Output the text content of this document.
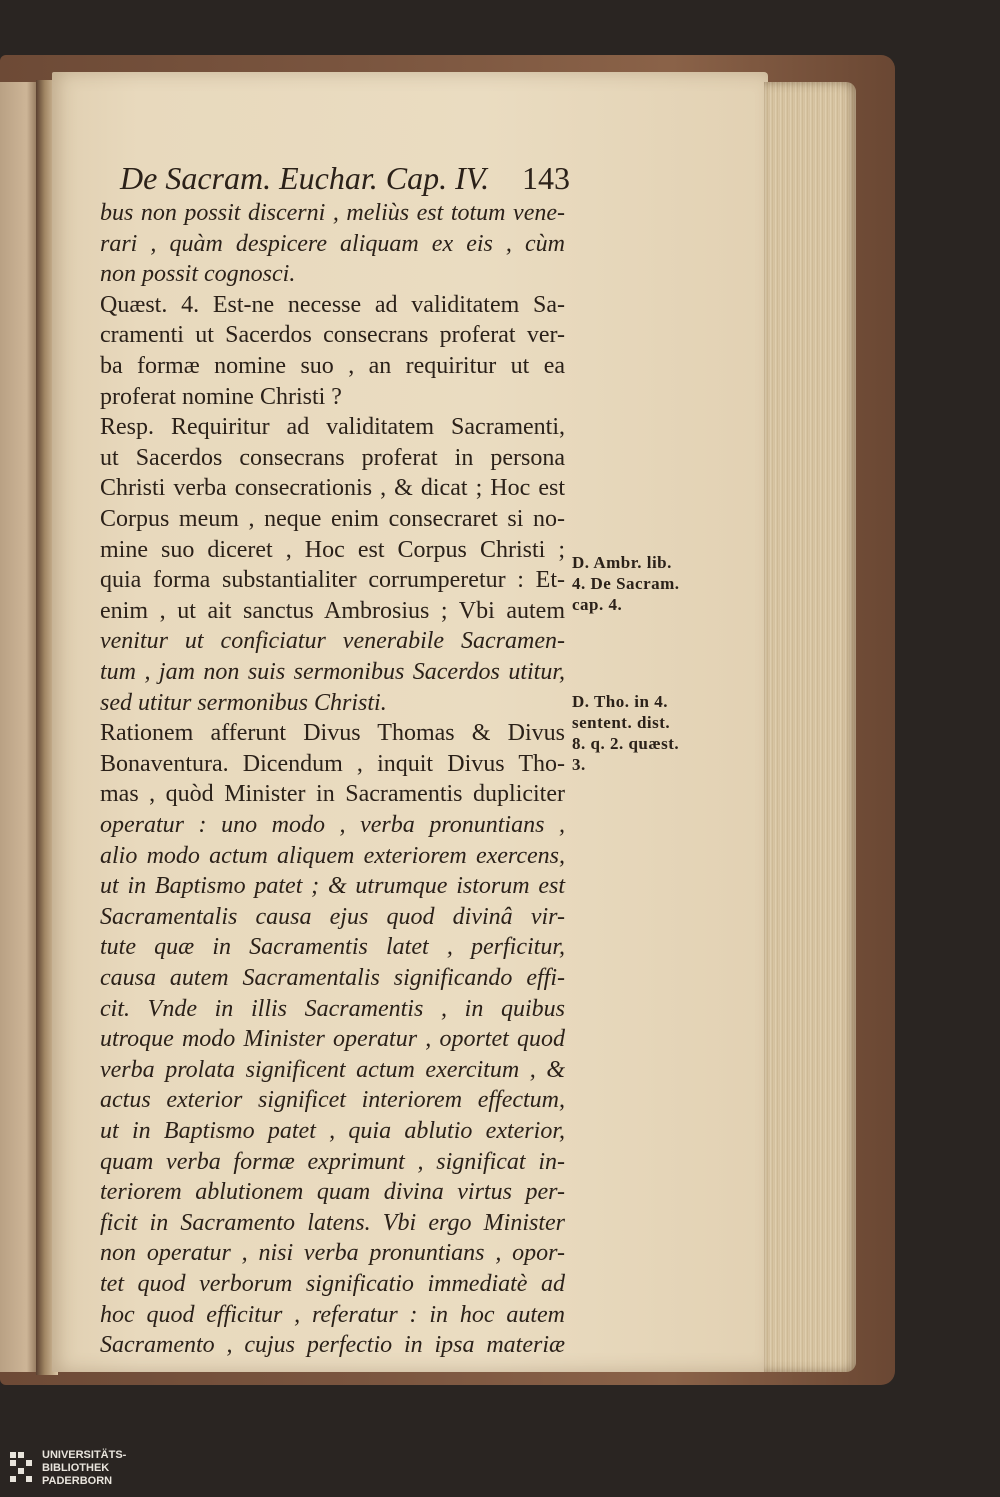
De Sacram. Euchar. Cap. IV. 143
bus non possit discerni , meliùs est totum vene-
rari , quàm despicere aliquam ex eis , cùm
non possit cognosci.
Quæst. 4. Est-ne necesse ad validitatem Sa-
cramenti ut Sacerdos consecrans proferat ver-
ba formæ nomine suo , an requiritur ut ea
proferat nomine Christi ?
Resp. Requiritur ad validitatem Sacramenti,
ut Sacerdos consecrans proferat in persona
Christi verba consecrationis , & dicat ; Hoc est
Corpus meum , neque enim consecraret si no-
mine suo diceret , Hoc est Corpus Christi ;
quia forma substantialiter corrumperetur : Et-
enim , ut ait sanctus Ambrosius ; Vbi autem
venitur ut conficiatur venerabile Sacramen-
tum , jam non suis sermonibus Sacerdos utitur,
sed utitur sermonibus Christi.
Rationem afferunt Divus Thomas & Divus
Bonaventura. Dicendum , inquit Divus Tho-
mas , quòd Minister in Sacramentis dupliciter
operatur : uno modo , verba pronuntians ,
alio modo actum aliquem exteriorem exercens,
ut in Baptismo patet ; & utrumque istorum est
Sacramentalis causa ejus quod divinâ vir-
tute quæ in Sacramentis latet , perficitur,
causa autem Sacramentalis significando effi-
cit. Vnde in illis Sacramentis , in quibus
utroque modo Minister operatur , oportet quod
verba prolata significent actum exercitum , &
actus exterior significet interiorem effectum,
ut in Baptismo patet , quia ablutio exterior,
quam verba formæ exprimunt , significat in-
teriorem ablutionem quam divina virtus per-
ficit in Sacramento latens. Vbi ergo Minister
non operatur , nisi verba pronuntians , opor-
tet quod verborum significatio immediatè ad
hoc quod efficitur , referatur : in hoc autem
Sacramento , cujus perfectio in ipsa materiæ
D. Ambr. lib.
4. De Sacram.
cap. 4.
D. Tho. in 4.
sentent. dist.
8. q. 2. quæst.
3.
UNIVERSITÄTS-
BIBLIOTHEK
PADERBORN
